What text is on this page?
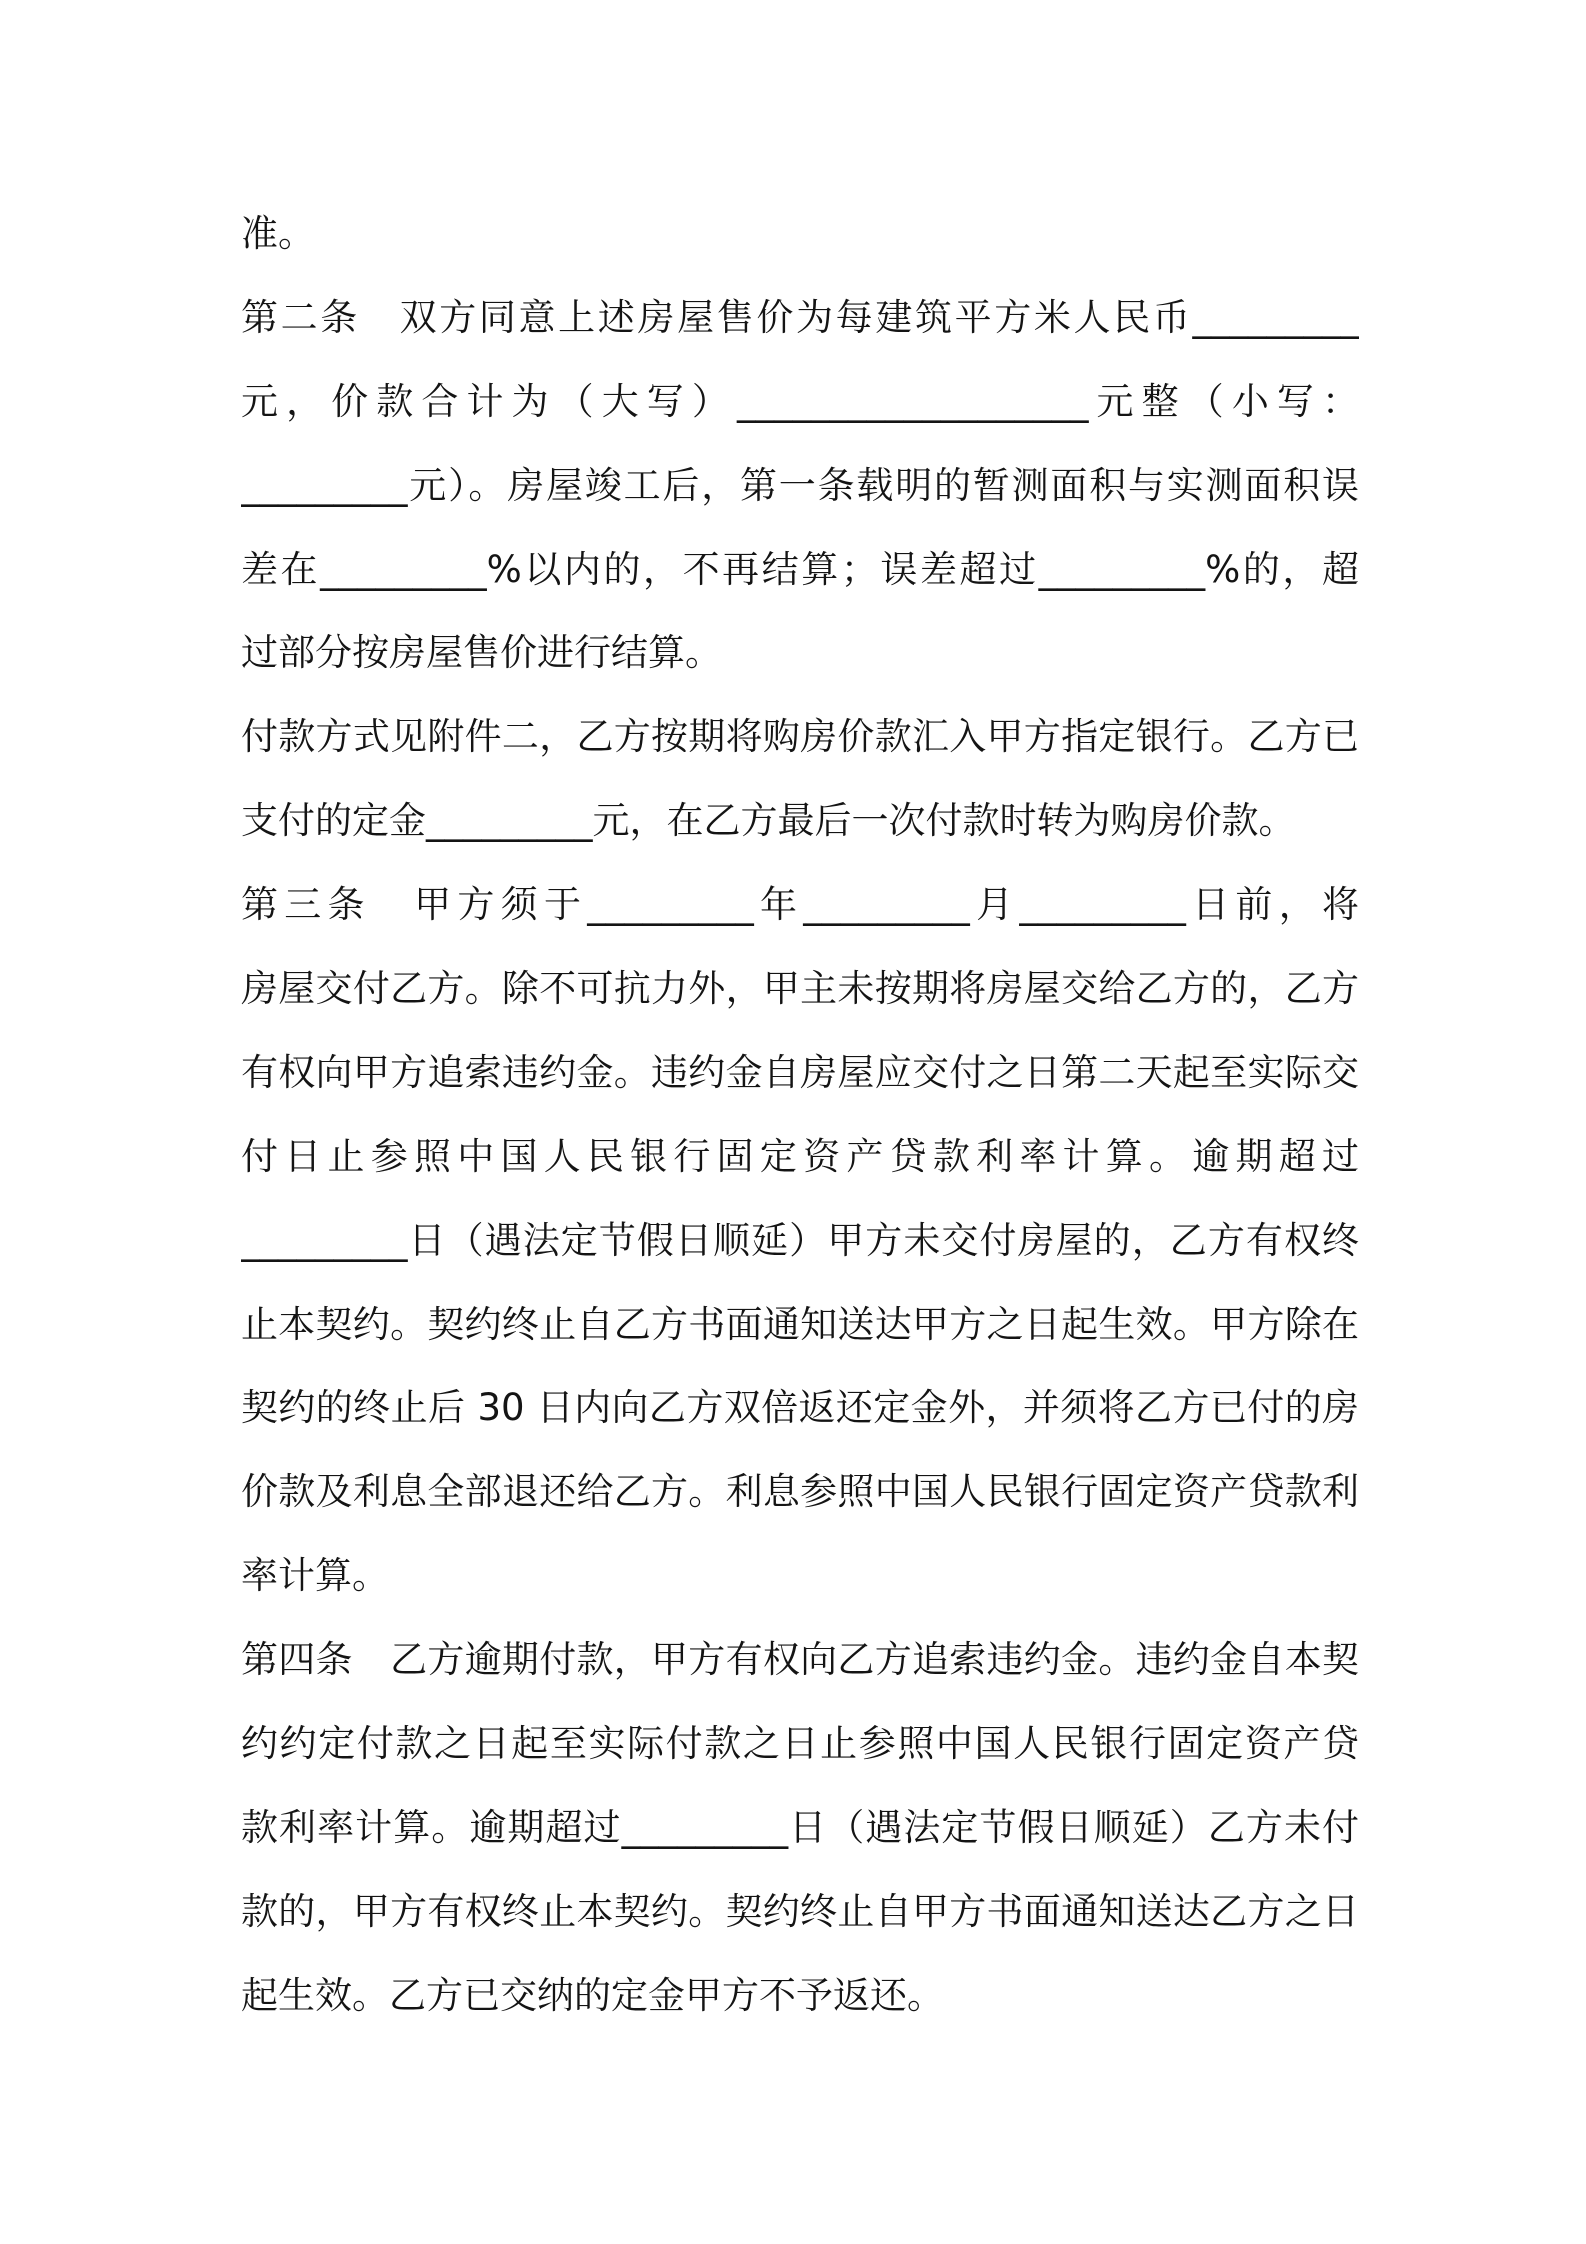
准。
第二条　双方同意上述房屋售价为每建筑平方米人民币_________
元，价款合计为（大写）___________________元整（小写：
_________元）。房屋竣工后，第一条载明的暂测面积与实测面积误
差在_________%以内的，不再结算；误差超过_________%的，超
过部分按房屋售价进行结算。
付款方式见附件二，乙方按期将购房价款汇入甲方指定银行。乙方已
支付的定金_________元，在乙方最后一次付款时转为购房价款。
第三条　甲方须于_________年_________月_________日前，将
房屋交付乙方。除不可抗力外，甲主未按期将房屋交给乙方的，乙方
有权向甲方追索违约金。违约金自房屋应交付之日第二天起至实际交
付日止参照中国人民银行固定资产贷款利率计算。逾期超过
_________日（遇法定节假日顺延）甲方未交付房屋的，乙方有权终
止本契约。契约终止自乙方书面通知送达甲方之日起生效。甲方除在
契约的终止后 30 日内向乙方双倍返还定金外，并须将乙方已付的房
价款及利息全部退还给乙方。利息参照中国人民银行固定资产贷款利
率计算。
第四条　乙方逾期付款，甲方有权向乙方追索违约金。违约金自本契
约约定付款之日起至实际付款之日止参照中国人民银行固定资产贷
款利率计算。逾期超过_________日（遇法定节假日顺延）乙方未付
款的，甲方有权终止本契约。契约终止自甲方书面通知送达乙方之日
起生效。乙方已交纳的定金甲方不予返还。
